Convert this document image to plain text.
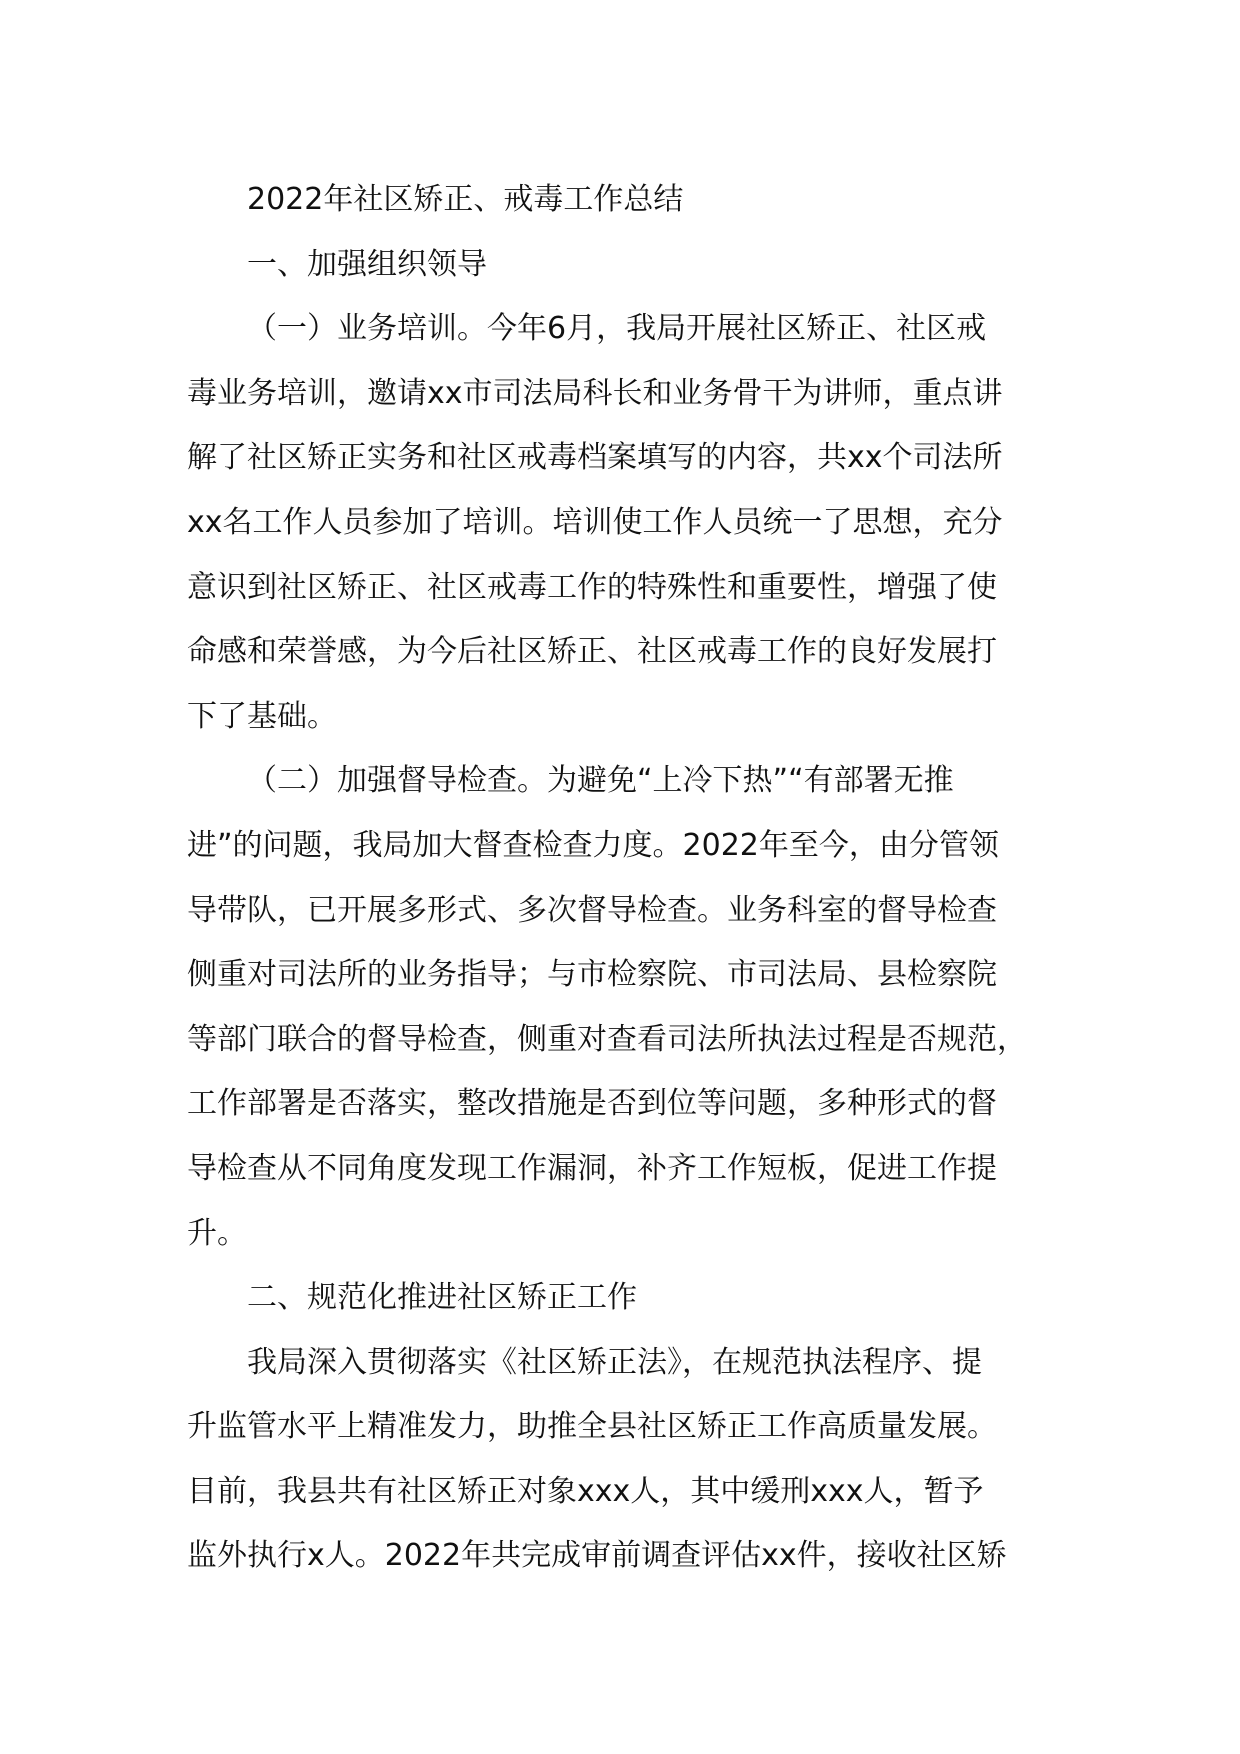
2022年社区矫正、戒毒工作总结

一、加强组织领导

（一）业务培训。今年6月，我局开展社区矫正、社区戒
毒业务培训，邀请xx市司法局科长和业务骨干为讲师，重点讲
解了社区矫正实务和社区戒毒档案填写的内容，共xx个司法所
xx名工作人员参加了培训。培训使工作人员统一了思想，充分
意识到社区矫正、社区戒毒工作的特殊性和重要性，增强了使
命感和荣誉感，为今后社区矫正、社区戒毒工作的良好发展打
下了基础。

（二）加强督导检查。为避免“上冷下热”“有部署无推
进”的问题，我局加大督查检查力度。2022年至今，由分管领
导带队，已开展多形式、多次督导检查。业务科室的督导检查
侧重对司法所的业务指导；与市检察院、市司法局、县检察院
等部门联合的督导检查，侧重对查看司法所执法过程是否规范，
工作部署是否落实，整改措施是否到位等问题，多种形式的督
导检查从不同角度发现工作漏洞，补齐工作短板，促进工作提
升。

二、规范化推进社区矫正工作

我局深入贯彻落实《社区矫正法》，在规范执法程序、提
升监管水平上精准发力，助推全县社区矫正工作高质量发展。
目前，我县共有社区矫正对象xxx人，其中缓刑xxx人，暂予
监外执行x人。2022年共完成审前调查评估xx件，接收社区矫
